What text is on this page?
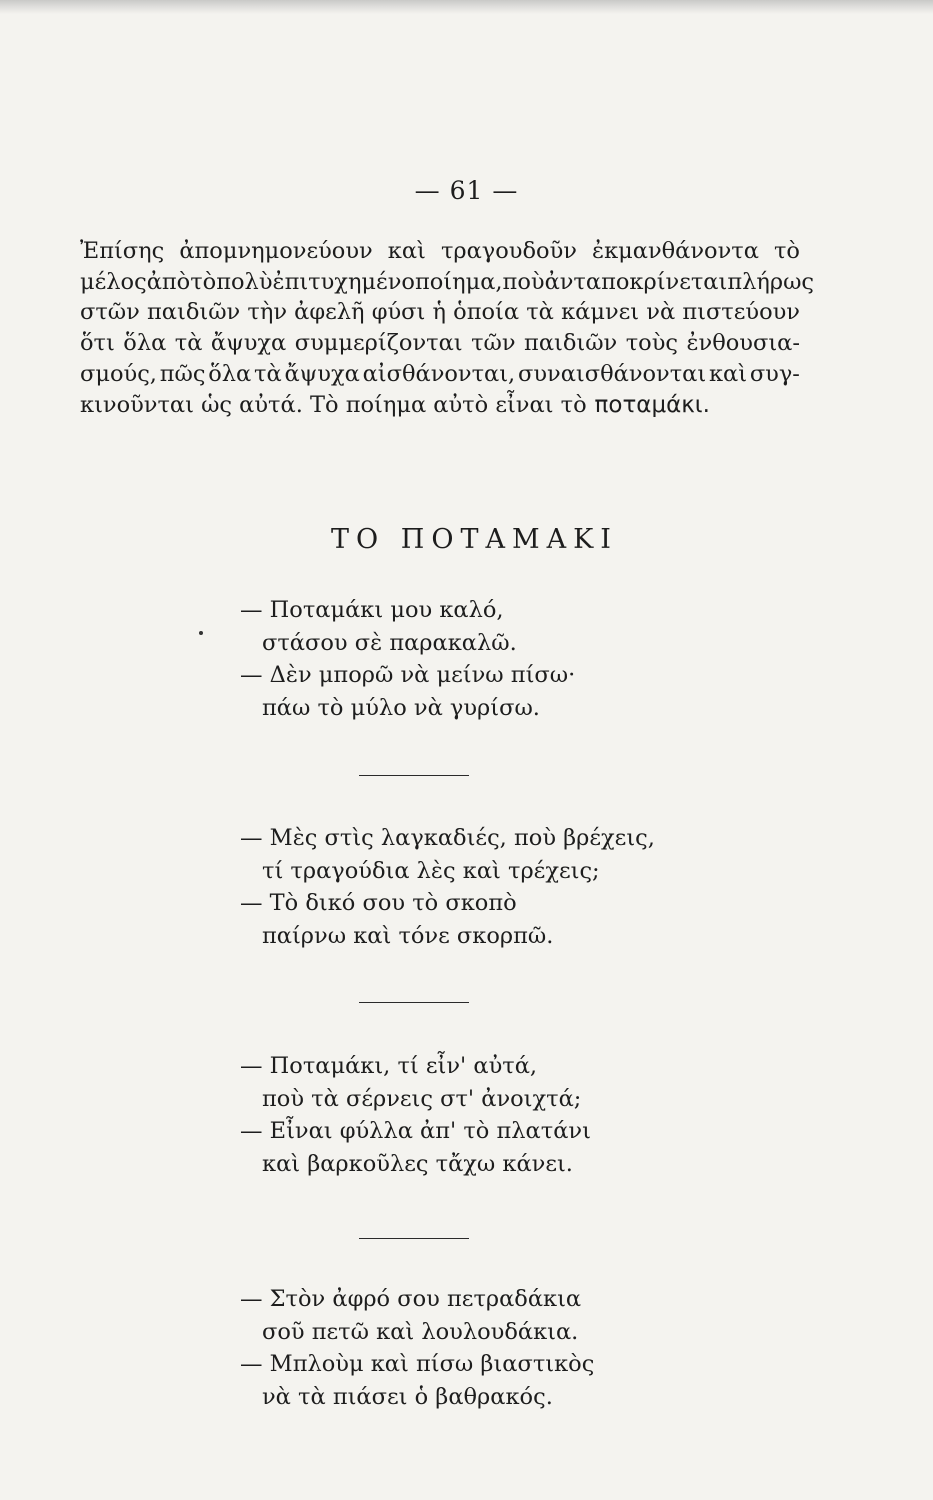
— 61 —
Ἐπίσης ἀπομνημονεύουν καὶ τραγουδοῦν ἐκμανθάνοντα τὸ
μέλος ἀπὸ τὸ πολὺ ἐπιτυχημένο ποίημα, ποὺ ἀνταποκρίνεται πλήρως
στῶν παιδιῶν τὴν ἀφελῆ φύσι ἡ ὁποία τὰ κάμνει νὰ πιστεύουν
ὅτι ὅλα τὰ ἄψυχα συμμερίζονται τῶν παιδιῶν τοὺς ἐνθουσια-
σμούς, πῶς ὅλα τὰ ἄψυχα αἰσθάνονται, συναισθάνονται καὶ συγ-
κινοῦνται ὡς αὐτά. Τὸ ποίημα αὐτὸ εἶναι τὸ ποταμάκι.
ΤΟ ΠΟΤΑΜΑΚΙ
— Ποταμάκι μου καλό,
στάσου σὲ παρακαλῶ.
— Δὲν μπορῶ νὰ μείνω πίσω·
πάω τὸ μύλο νὰ γυρίσω.
— Μὲς στὶς λαγκαδιές, ποὺ βρέχεις,
τί τραγούδια λὲς καὶ τρέχεις;
— Τὸ δικό σου τὸ σκοπὸ
παίρνω καὶ τόνε σκορπῶ.
— Ποταμάκι, τί εἶν' αὐτά,
ποὺ τὰ σέρνεις στ' ἀνοιχτά;
— Εἶναι φύλλα ἀπ' τὸ πλατάνι
καὶ βαρκοῦλες τἄχω κάνει.
— Στὸν ἀφρό σου πετραδάκια
σοῦ πετῶ καὶ λουλουδάκια.
— Μπλοὺμ καὶ πίσω βιαστικὸς
νὰ τὰ πιάσει ὁ βαθρακός.
